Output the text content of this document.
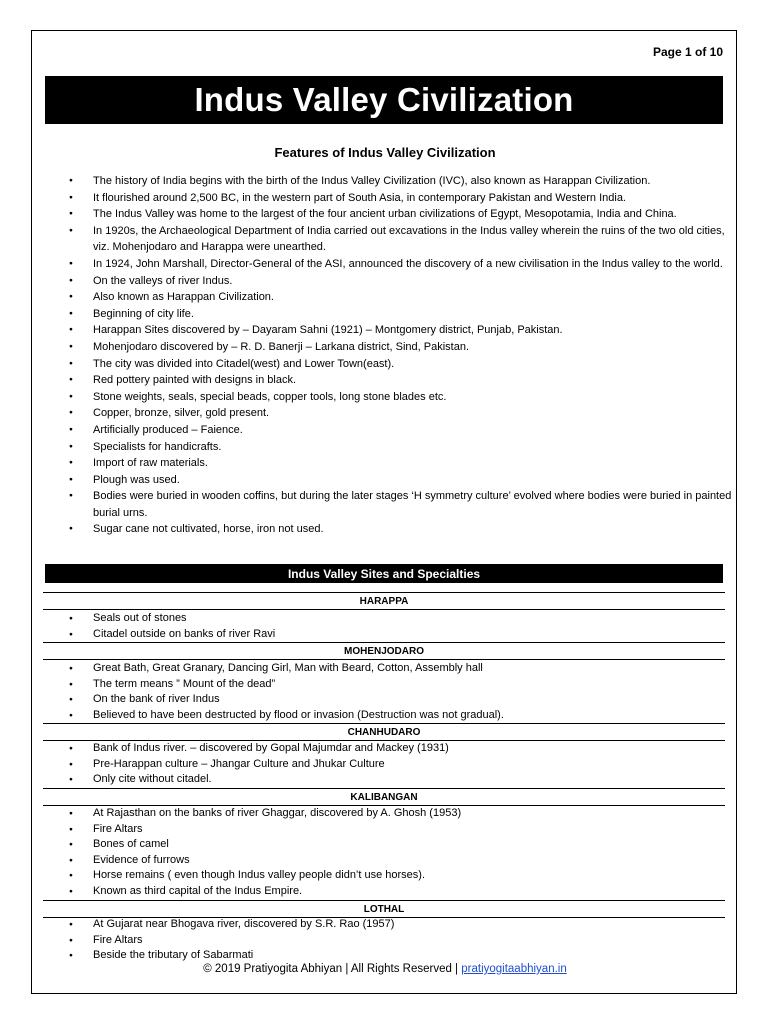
Page 1 of 10
Indus Valley Civilization
Features of Indus Valley Civilization
● The history of India begins with the birth of the Indus Valley Civilization (IVC), also known as Harappan Civilization.
● It flourished around 2,500 BC, in the western part of South Asia, in contemporary Pakistan and Western India.
● The Indus Valley was home to the largest of the four ancient urban civilizations of Egypt, Mesopotamia, India and China.
● In 1920s, the Archaeological Department of India carried out excavations in the Indus valley wherein the ruins of the two old cities, viz. Mohenjodaro and Harappa were unearthed.
● In 1924, John Marshall, Director-General of the ASI, announced the discovery of a new civilisation in the Indus valley to the world.
● On the valleys of river Indus.
● Also known as Harappan Civilization.
● Beginning of city life.
● Harappan Sites discovered by – Dayaram Sahni (1921) – Montgomery district, Punjab, Pakistan.
● Mohenjodaro discovered by – R. D. Banerji – Larkana district, Sind, Pakistan.
● The city was divided into Citadel(west) and Lower Town(east).
● Red pottery painted with designs in black.
● Stone weights, seals, special beads, copper tools, long stone blades etc.
● Copper, bronze, silver, gold present.
● Artificially produced – Faience.
● Specialists for handicrafts.
● Import of raw materials.
● Plough was used.
● Bodies were buried in wooden coffins, but during the later stages ‘H symmetry culture’ evolved where bodies were buried in painted burial urns.
● Sugar cane not cultivated, horse, iron not used.
Indus Valley Sites and Specialties
HARAPPA
● Seals out of stones
● Citadel outside on banks of river Ravi
MOHENJODARO
● Great Bath, Great Granary, Dancing Girl, Man with Beard, Cotton, Assembly hall
● The term means ” Mount of the dead”
● On the bank of river Indus
● Believed to have been destructed by flood or invasion (Destruction was not gradual).
CHANHUDARO
● Bank of Indus river. – discovered by Gopal Majumdar and Mackey (1931)
● Pre-Harappan culture – Jhangar Culture and Jhukar Culture
● Only cite without citadel.
KALIBANGAN
● At Rajasthan on the banks of river Ghaggar, discovered by A. Ghosh (1953)
● Fire Altars
● Bones of camel
● Evidence of furrows
● Horse remains ( even though Indus valley people didn’t use horses).
● Known as third capital of the Indus Empire.
LOTHAL
● At Gujarat near Bhogava river, discovered by S.R. Rao (1957)
● Fire Altars
● Beside the tributary of Sabarmati
© 2019 Pratiyogita Abhiyan | All Rights Reserved | pratiyogitaabhiyan.in
